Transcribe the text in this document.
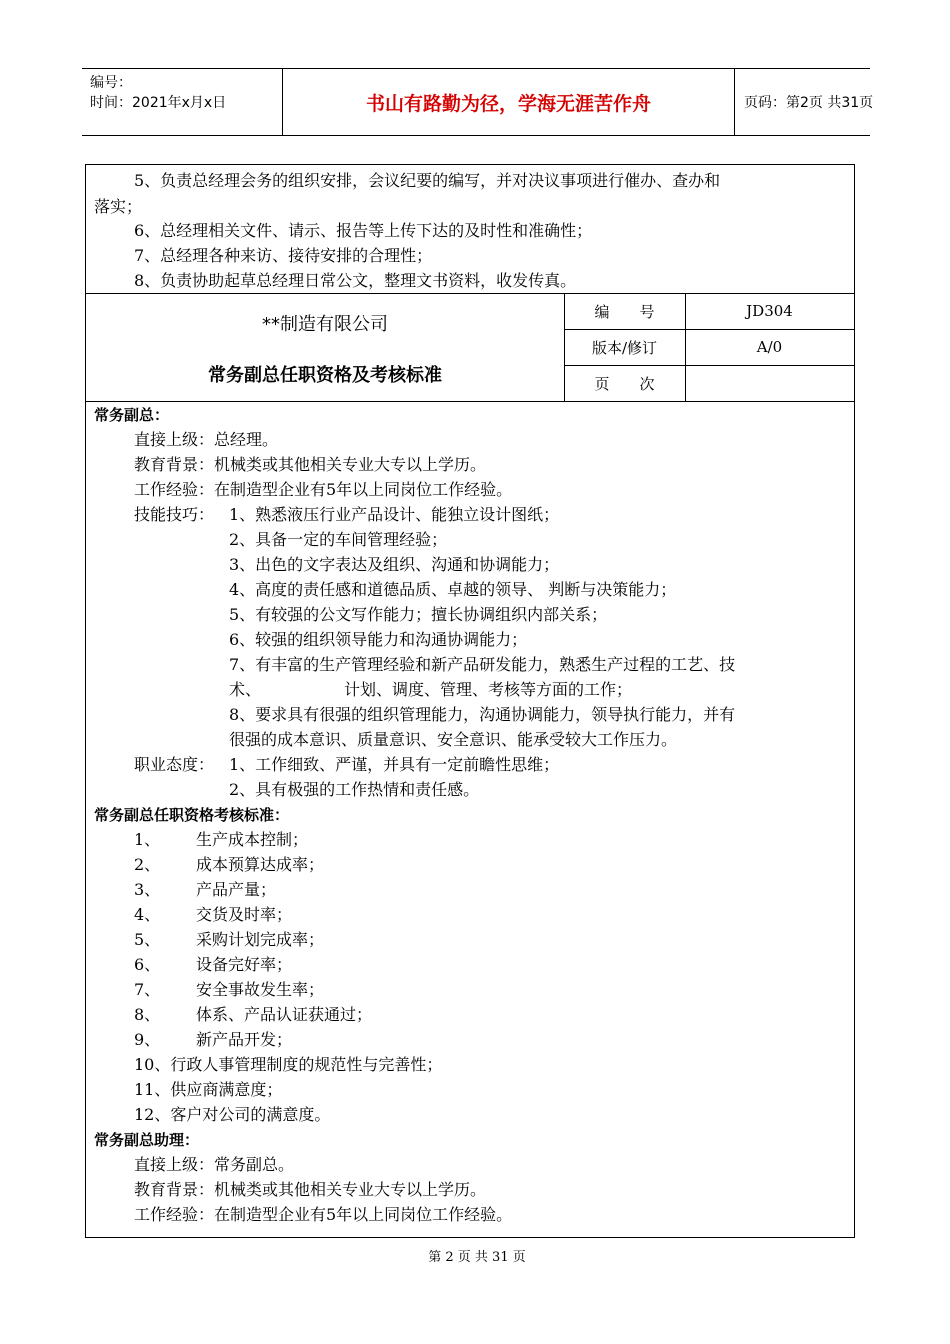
编号：
时间：2021年x月x日	书山有路勤为径，学海无涯苦作舟	页码：第2页 共31页
5、负责总经理会务的组织安排，会议纪要的编写，并对决议事项进行催办、查办和
落实；
6、总经理相关文件、请示、报告等上传下达的及时性和准确性；
7、总经理各种来访、接待安排的合理性；
8、负责协助起草总经理日常公文，整理文书资料，收发传真。
**制造有限公司
常务副总任职资格及考核标准
编　　号	JD304
版本/修订	A/0
页　　次
常务副总：
直接上级：总经理。
教育背景：机械类或其他相关专业大专以上学历。
工作经验：在制造型企业有5年以上同岗位工作经验。
技能技巧： 1、熟悉液压行业产品设计、能独立设计图纸；
2、具备一定的车间管理经验；
3、出色的文字表达及组织、沟通和协调能力；
4、高度的责任感和道德品质、卓越的领导、 判断与决策能力；
5、有较强的公文写作能力；擅长协调组织内部关系；
6、较强的组织领导能力和沟通协调能力；
7、有丰富的生产管理经验和新产品研发能力，熟悉生产过程的工艺、技
术、	计划、调度、管理、考核等方面的工作；
8、要求具有很强的组织管理能力，沟通协调能力，领导执行能力，并有
很强的成本意识、质量意识、安全意识、能承受较大工作压力。
职业态度： 1、工作细致、严谨，并具有一定前瞻性思维；
2、具有极强的工作热情和责任感。
常务副总任职资格考核标准：
1、 生产成本控制；
2、 成本预算达成率；
3、 产品产量；
4、 交货及时率；
5、 采购计划完成率；
6、 设备完好率；
7、 安全事故发生率；
8、 体系、产品认证获通过；
9、 新产品开发；
10、行政人事管理制度的规范性与完善性；
11、供应商满意度；
12、客户对公司的满意度。
常务副总助理：
直接上级：常务副总。
教育背景：机械类或其他相关专业大专以上学历。
工作经验：在制造型企业有5年以上同岗位工作经验。
第 2 页 共 31 页
